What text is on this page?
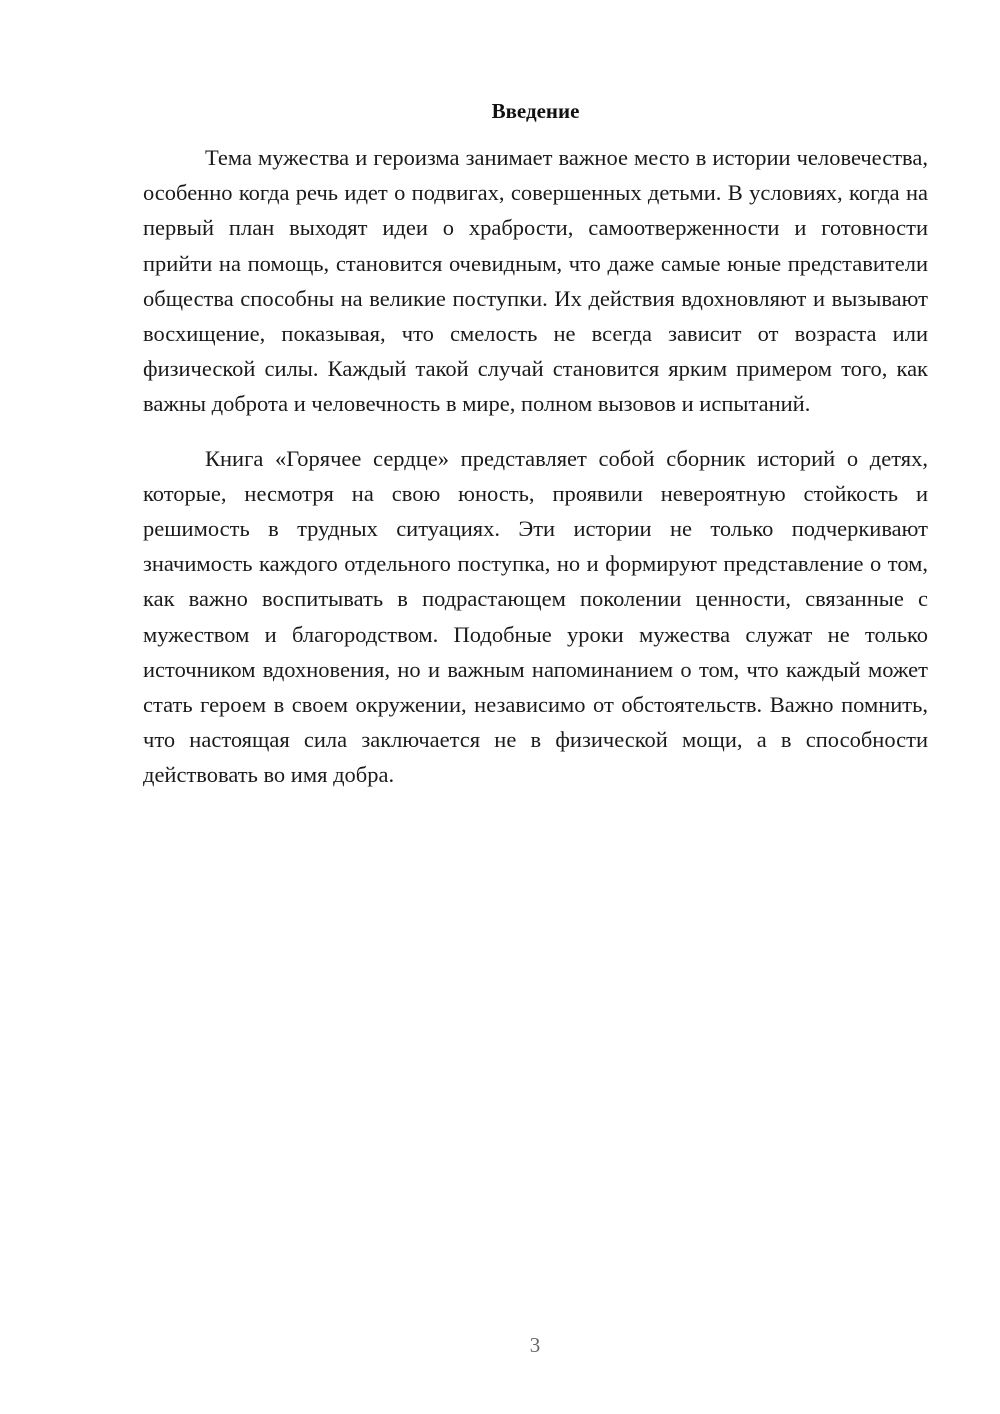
Введение

Тема мужества и героизма занимает важное место в истории человечества, особенно когда речь идет о подвигах, совершенных детьми. В условиях, когда на первый план выходят идеи о храбрости, самоотверженности и готовности прийти на помощь, становится очевидным, что даже самые юные представители общества способны на великие поступки. Их действия вдохновляют и вызывают восхищение, показывая, что смелость не всегда зависит от возраста или физической силы. Каждый такой случай становится ярким примером того, как важны доброта и человечность в мире, полном вызовов и испытаний.

Книга «Горячее сердце» представляет собой сборник историй о детях, которые, несмотря на свою юность, проявили невероятную стойкость и решимость в трудных ситуациях. Эти истории не только подчеркивают значимость каждого отдельного поступка, но и формируют представление о том, как важно воспитывать в подрастающем поколении ценности, связанные с мужеством и благородством. Подобные уроки мужества служат не только источником вдохновения, но и важным напоминанием о том, что каждый может стать героем в своем окружении, независимо от обстоятельств. Важно помнить, что настоящая сила заключается не в физической мощи, а в способности действовать во имя добра.

3
